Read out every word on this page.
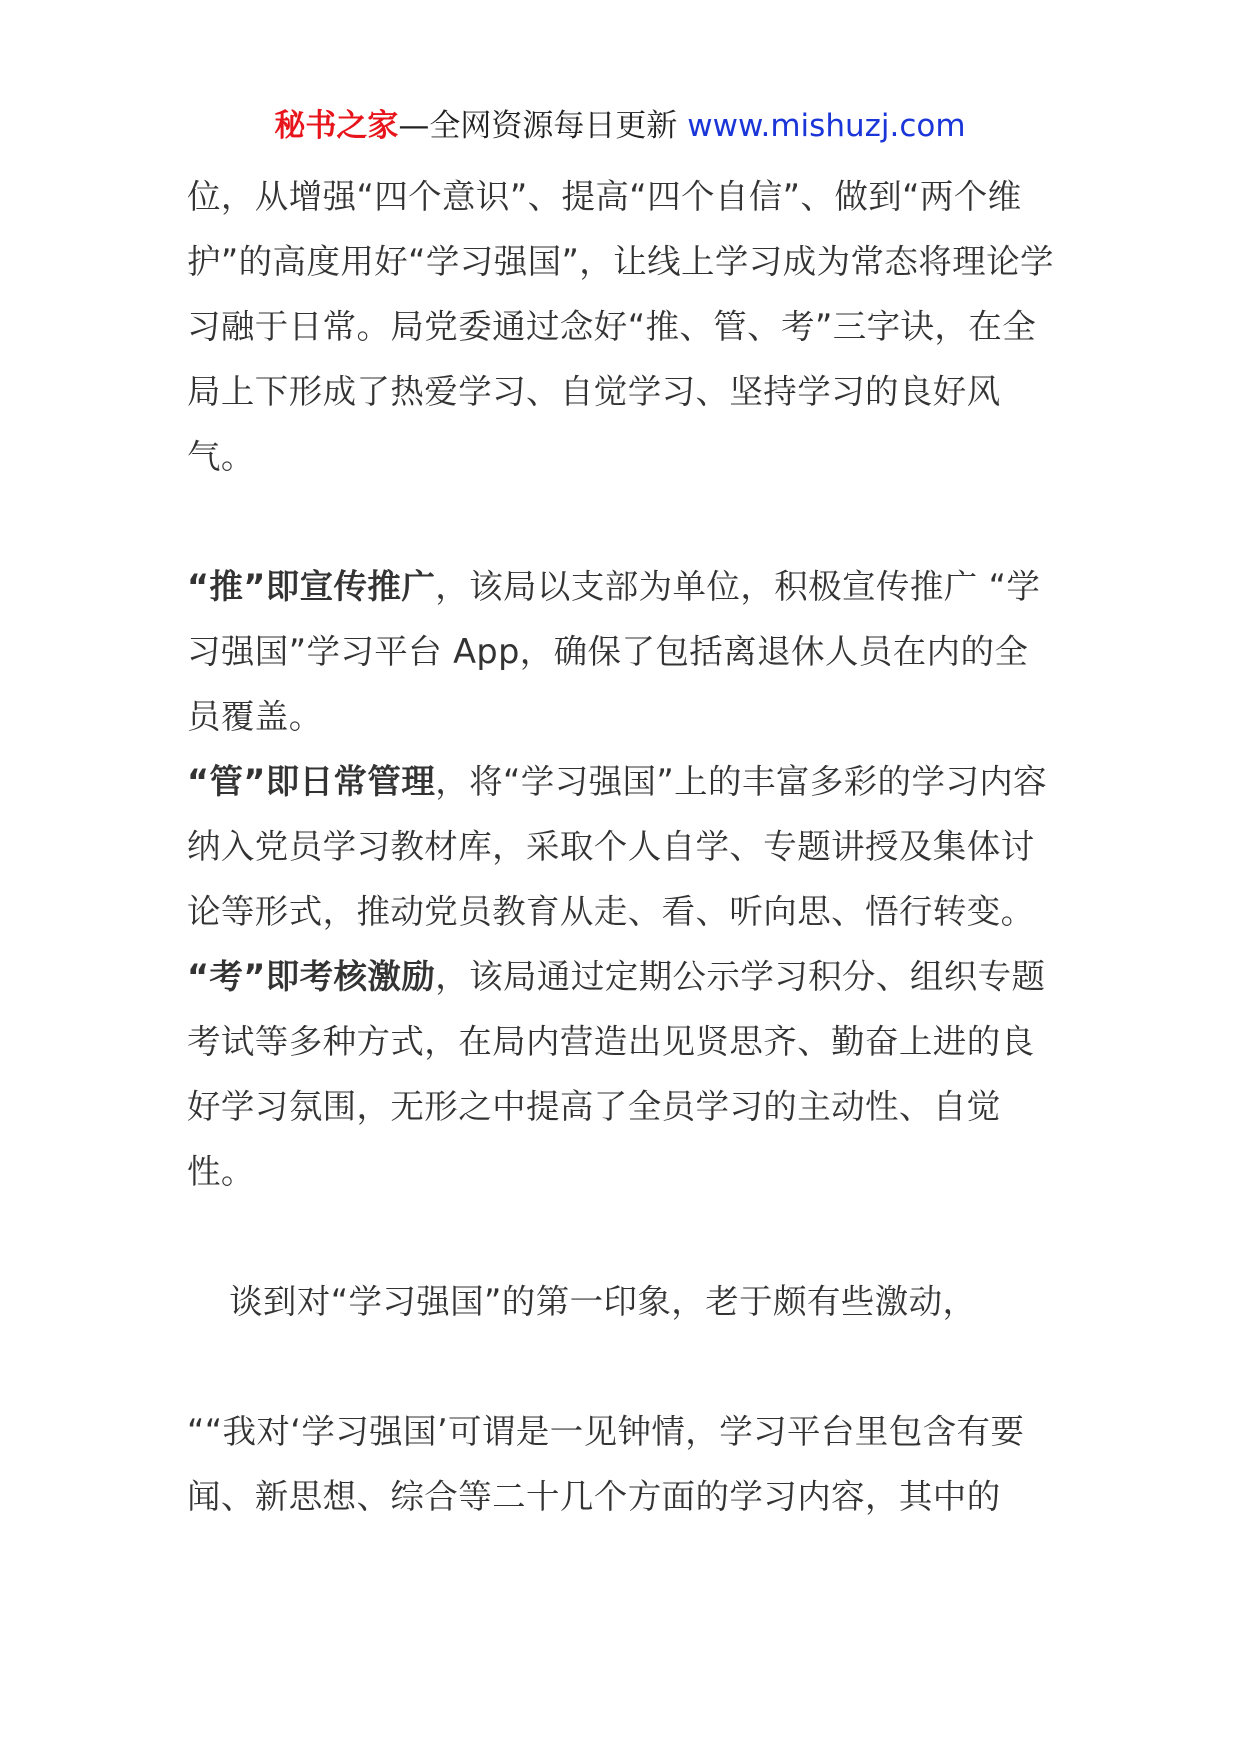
秘书之家—全网资源每日更新 www.mishuzj.com

位，从增强“四个意识”、提高“四个自信”、做到“两个维护”的高度用好“学习强国”，让线上学习成为常态将理论学习融于日常。局党委通过念好“推、管、考”三字诀，在全局上下形成了热爱学习、自觉学习、坚持学习的良好风气。

“推”即宣传推广，该局以支部为单位，积极宣传推广 “学习强国”学习平台 App，确保了包括离退休人员在内的全员覆盖。

“管”即日常管理，将“学习强国”上的丰富多彩的学习内容纳入党员学习教材库，采取个人自学、专题讲授及集体讨论等形式，推动党员教育从走、看、听向思、悟行转变。

“考”即考核激励，该局通过定期公示学习积分、组织专题考试等多种方式，在局内营造出见贤思齐、勤奋上进的良好学习氛围，无形之中提高了全员学习的主动性、自觉性。

谈到对“学习强国”的第一印象，老于颇有些激动，

““我对‘学习强国’可谓是一见钟情，学习平台里包含有要闻、新思想、综合等二十几个方面的学习内容，其中的
